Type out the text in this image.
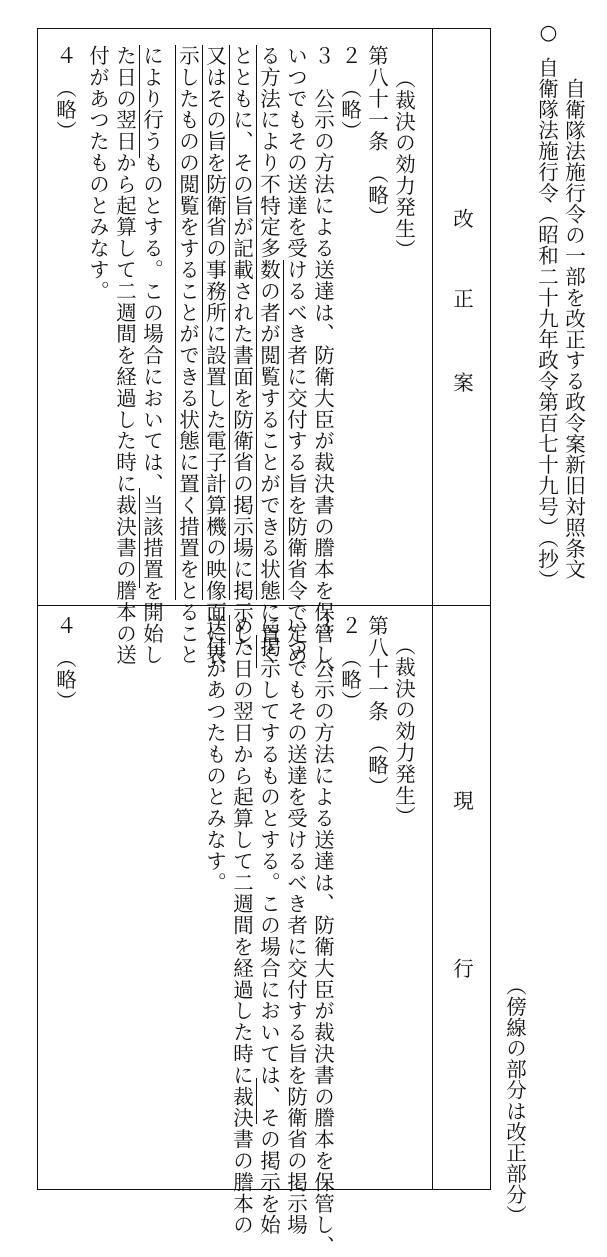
○
自衛隊法施行令の一部を改正する政令案新旧対照条文
自衛隊法施行令（昭和二十九年政令第百七十九号）（抄）
（傍線の部分は改正部分）
改
正
案
現
行
（裁決の効力発生）
第八十一条　（略）
２　（略）
３　公示の方法による送達は、防衛大臣が裁決書の謄本を保管し、
いつでもその送達を受けるべき者に交付する旨を防衛省令で定め
る方法により不特定多数の者が閲覧することができる状態に置く
とともに、その旨が記載された書面を防衛省の掲示場に掲示し、
又はその旨を防衛省の事務所に設置した電子計算機の映像面に表
示したものの閲覧をすることができる状態に置く措置をとること
により行うものとする。この場合においては、当該措置を開始し
た日の翌日から起算して二週間を経過した時に裁決書の謄本の送
付があつたものとみなす。
４　（略）
（裁決の効力発生）
第八十一条　（略）
２　（略）
３　公示の方法による送達は、防衛大臣が裁決書の謄本を保管し、
いつでもその送達を受けるべき者に交付する旨を防衛省の掲示場
に掲示してするものとする。この場合においては、その掲示を始
めた日の翌日から起算して二週間を経過した時に裁決書の謄本の
送付があつたものとみなす。
４　（略）
